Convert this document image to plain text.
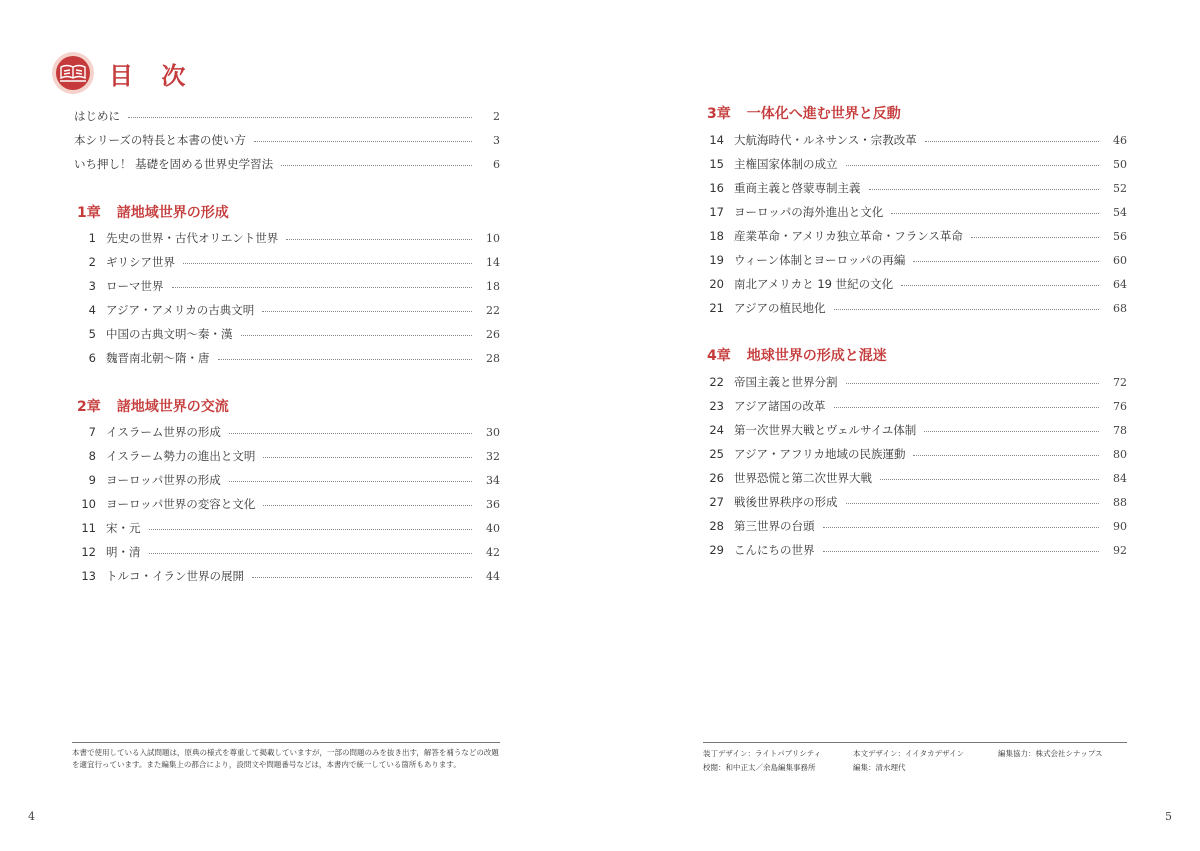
目 次
はじめに	2
本シリーズの特長と本書の使い方	3
いち押し！ 基礎を固める世界史学習法	6
1章 諸地域世界の形成
1 先史の世界・古代オリエント世界	10
2 ギリシア世界	14
3 ローマ世界	18
4 アジア・アメリカの古典文明	22
5 中国の古典文明～秦・漢	26
6 魏晋南北朝～隋・唐	28
2章 諸地域世界の交流
7 イスラーム世界の形成	30
8 イスラーム勢力の進出と文明	32
9 ヨーロッパ世界の形成	34
10 ヨーロッパ世界の変容と文化	36
11 宋・元	40
12 明・清	42
13 トルコ・イラン世界の展開	44
本書で使用している入試問題は，原典の様式を尊重して掲載していますが，一部の問題のみを抜き出す，解答を補うなどの改題を適宜行っています。また編集上の都合により，設問文や問題番号などは，本書内で統一している箇所もあります。
4
3章 一体化へ進む世界と反動
14 大航海時代・ルネサンス・宗教改革	46
15 主権国家体制の成立	50
16 重商主義と啓蒙専制主義	52
17 ヨーロッパの海外進出と文化	54
18 産業革命・アメリカ独立革命・フランス革命	56
19 ウィーン体制とヨーロッパの再編	60
20 南北アメリカと 19 世紀の文化	64
21 アジアの植民地化	68
4章 地球世界の形成と混迷
22 帝国主義と世界分割	72
23 アジア諸国の改革	76
24 第一次世界大戦とヴェルサイユ体制	78
25 アジア・アフリカ地域の民族運動	80
26 世界恐慌と第二次世界大戦	84
27 戦後世界秩序の形成	88
28 第三世界の台頭	90
29 こんにちの世界	92
5
装丁デザイン：ライトパブリシティ	本文デザイン：イイタカデザイン	編集協力：株式会社シナップス
校閲：和中正太／余島編集事務所	編集：清水理代
